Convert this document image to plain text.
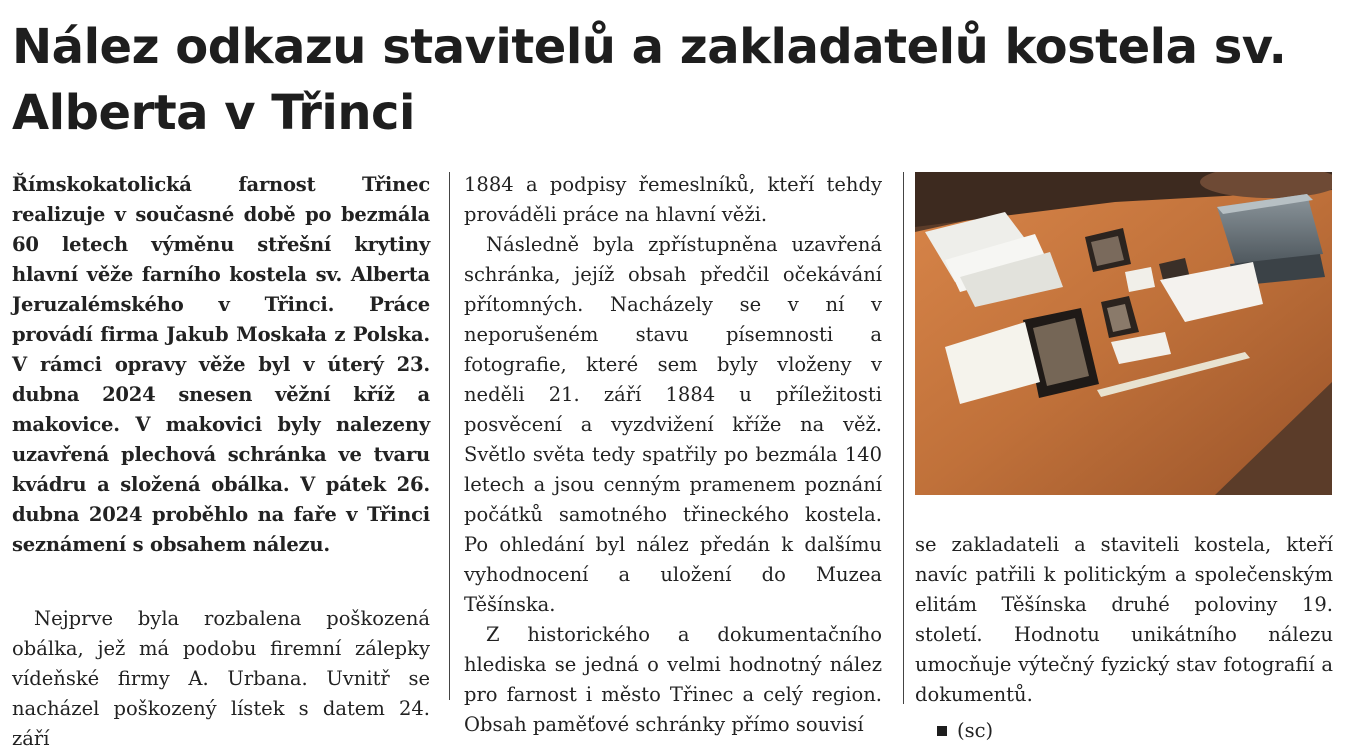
Nález odkazu stavitelů a zakladatelů kostela sv. Alberta v Třinci

Římskokatolická farnost Třinec realizuje v současné době po bezmála 60 letech výměnu střešní krytiny hlavní věže farního kostela sv. Alberta Jeruzalémského v Třinci. Práce provádí firma Jakub Moskała z Polska. V rámci opravy věže byl v úterý 23. dubna 2024 snesen věžní kříž a makovice. V makovici byly nalezeny uzavřená plechová schránka ve tvaru kvádru a složená obálka. V pátek 26. dubna 2024 proběhlo na faře v Třinci seznámení s obsahem nálezu.

Nejprve byla rozbalena poškozená obálka, jež má podobu firemní zálepky vídeňské firmy A. Urbana. Uvnitř se nacházel poškozený lístek s datem 24. září

1884 a podpisy řemeslníků, kteří tehdy prováděli práce na hlavní věži.

Následně byla zpřístupněna uzavřená schránka, jejíž obsah předčil očekávání přítomných. Nacházely se v ní v neporušeném stavu písemnosti a fotografie, které sem byly vloženy v neděli 21. září 1884 u příležitosti posvěcení a vyzdvižení kříže na věž. Světlo světa tedy spatřily po bezmála 140 letech a jsou cenným pramenem poznání počátků samotného třineckého kostela. Po ohledání byl nález předán k dalšímu vyhodnocení a uložení do Muzea Těšínska.

Z historického a dokumentačního hlediska se jedná o velmi hodnotný nález pro farnost i město Třinec a celý region. Obsah paměťové schránky přímo souvisí

se zakladateli a staviteli kostela, kteří navíc patřili k politickým a společenským elitám Těšínska druhé poloviny 19. století. Hodnotu unikátního nálezu umocňuje výtečný fyzický stav fotografií a dokumentů.

(sc)
